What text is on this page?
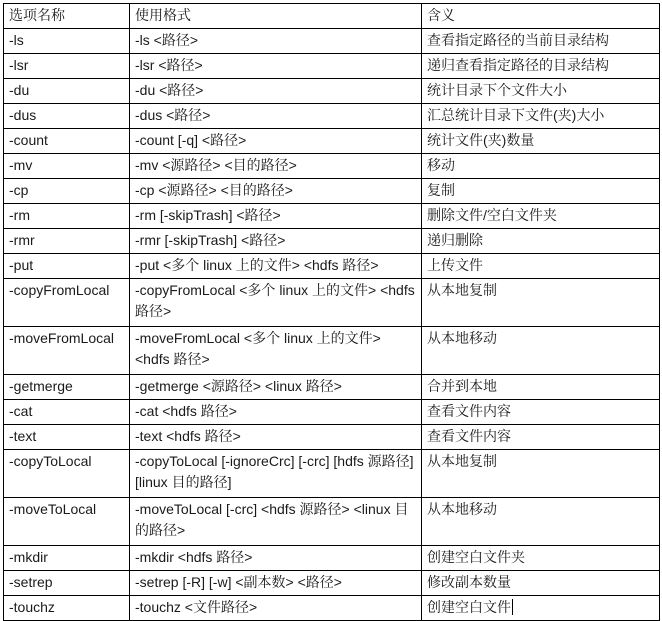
选项名称	使用格式	含义
-ls	-ls <路径>	查看指定路径的当前目录结构
-lsr	-lsr <路径>	递归查看指定路径的目录结构
-du	-du <路径>	统计目录下个文件大小
-dus	-dus <路径>	汇总统计目录下文件(夹)大小
-count	-count [-q] <路径>	统计文件(夹)数量
-mv	-mv <源路径> <目的路径>	移动
-cp	-cp <源路径> <目的路径>	复制
-rm	-rm [-skipTrash] <路径>	删除文件/空白文件夹
-rmr	-rmr [-skipTrash] <路径>	递归删除
-put	-put <多个 linux 上的文件> <hdfs 路径>	上传文件
-copyFromLocal	-copyFromLocal <多个 linux 上的文件> <hdfs 路径>	从本地复制
-moveFromLocal	-moveFromLocal <多个 linux 上的文件> <hdfs 路径>	从本地移动
-getmerge	-getmerge <源路径> <linux 路径>	合并到本地
-cat	-cat <hdfs 路径>	查看文件内容
-text	-text <hdfs 路径>	查看文件内容
-copyToLocal	-copyToLocal [-ignoreCrc] [-crc] [hdfs 源路径] [linux 目的路径]	从本地复制
-moveToLocal	-moveToLocal [-crc] <hdfs 源路径> <linux 目的路径>	从本地移动
-mkdir	-mkdir <hdfs 路径>	创建空白文件夹
-setrep	-setrep [-R] [-w] <副本数> <路径>	修改副本数量
-touchz	-touchz <文件路径>	创建空白文件
